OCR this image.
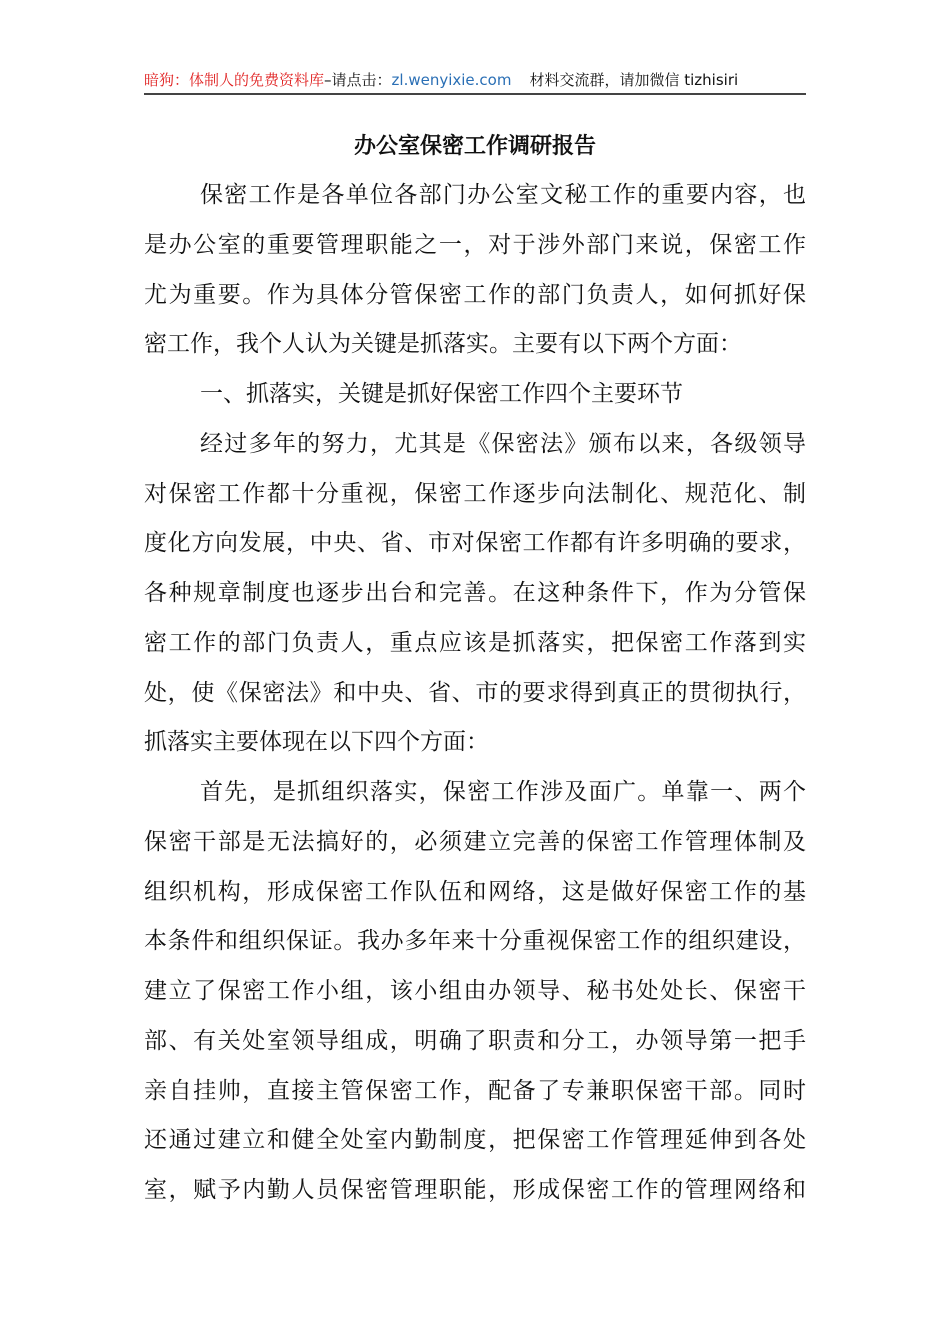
暗狗：体制人的免费资料库–请点击：zl.wenyixie.com 材料交流群，请加微信 tizhisiri
办公室保密工作调研报告
保密工作是各单位各部门办公室文秘工作的重要内容，也
是办公室的重要管理职能之一，对于涉外部门来说，保密工作
尤为重要。作为具体分管保密工作的部门负责人，如何抓好保
密工作，我个人认为关键是抓落实。主要有以下两个方面：
一、抓落实，关键是抓好保密工作四个主要环节
经过多年的努力，尤其是《保密法》颁布以来，各级领导
对保密工作都十分重视，保密工作逐步向法制化、规范化、制
度化方向发展，中央、省、市对保密工作都有许多明确的要求，
各种规章制度也逐步出台和完善。在这种条件下，作为分管保
密工作的部门负责人，重点应该是抓落实，把保密工作落到实
处，使《保密法》和中央、省、市的要求得到真正的贯彻执行，
抓落实主要体现在以下四个方面：
首先，是抓组织落实，保密工作涉及面广。单靠一、两个
保密干部是无法搞好的，必须建立完善的保密工作管理体制及
组织机构，形成保密工作队伍和网络，这是做好保密工作的基
本条件和组织保证。我办多年来十分重视保密工作的组织建设，
建立了保密工作小组，该小组由办领导、秘书处处长、保密干
部、有关处室领导组成，明确了职责和分工，办领导第一把手
亲自挂帅，直接主管保密工作，配备了专兼职保密干部。同时
还通过建立和健全处室内勤制度，把保密工作管理延伸到各处
室，赋予内勤人员保密管理职能，形成保密工作的管理网络和
